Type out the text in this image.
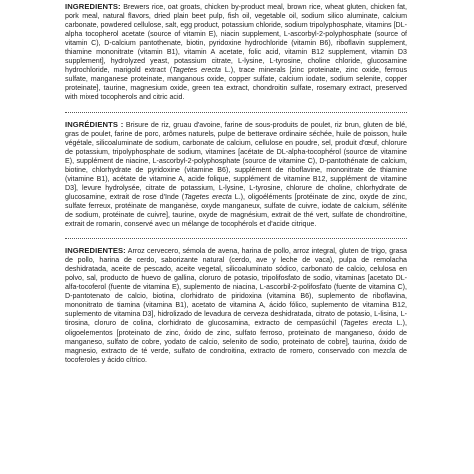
INGREDIENTS: Brewers rice, oat groats, chicken by-product meal, brown rice, wheat gluten, chicken fat, pork meal, natural flavors, dried plain beet pulp, fish oil, vegetable oil, sodium silico aluminate, calcium carbonate, powdered cellulose, salt, egg product, potassium chloride, sodium tripolyphosphate, vitamins [DL-alpha tocopherol acetate (source of vitamin E), niacin supplement, L-ascorbyl-2-polyphosphate (source of vitamin C), D-calcium pantothenate, biotin, pyridoxine hydrochloride (vitamin B6), riboflavin supplement, thiamine mononitrate (vitamin B1), vitamin A acetate, folic acid, vitamin B12 supplement, vitamin D3 supplement], hydrolyzed yeast, potassium citrate, L-lysine, L-tyrosine, choline chloride, glucosamine hydrochloride, marigold extract (Tagetes erecta L.), trace minerals [zinc proteinate, zinc oxide, ferrous sulfate, manganese proteinate, manganous oxide, copper sulfate, calcium iodate, sodium selenite, copper proteinate], taurine, magnesium oxide, green tea extract, chondroitin sulfate, rosemary extract, preserved with mixed tocopherols and citric acid.

INGRÉDIENTS : Brisure de riz, gruau d'avoine, farine de sous-produits de poulet, riz brun, gluten de blé, gras de poulet, farine de porc, arômes naturels, pulpe de betterave ordinaire séchée, huile de poisson, huile végétale, silicoaluminate de sodium, carbonate de calcium, cellulose en poudre, sel, produit d'œuf, chlorure de potassium, tripolyphosphate de sodium, vitamines [acétate de DL-alpha-tocophérol (source de vitamine E), supplément de niacine, L-ascorbyl-2-polyphosphate (source de vitamine C), D-pantothénate de calcium, biotine, chlorhydrate de pyridoxine (vitamine B6), supplément de riboflavine, mononitrate de thiamine (vitamine B1), acétate de vitamine A, acide folique, supplément de vitamine B12, supplément de vitamine D3], levure hydrolysée, citrate de potassium, L-lysine, L-tyrosine, chlorure de choline, chlorhydrate de glucosamine, extrait de rose d'Inde (Tagetes erecta L.), oligoéléments [protéinate de zinc, oxyde de zinc, sulfate ferreux, protéinate de manganèse, oxyde manganeux, sulfate de cuivre, iodate de calcium, sélénite de sodium, protéinate de cuivre], taurine, oxyde de magnésium, extrait de thé vert, sulfate de chondroïtine, extrait de romarin, conservé avec un mélange de tocophérols et d'acide citrique.

INGREDIENTES: Arroz cervecero, sémola de avena, harina de pollo, arroz integral, gluten de trigo, grasa de pollo, harina de cerdo, saborizante natural (cerdo, ave y leche de vaca), pulpa de remolacha deshidratada, aceite de pescado, aceite vegetal, silicoaluminato sódico, carbonato de calcio, celulosa en polvo, sal, producto de huevo de gallina, cloruro de potasio, tripolifosfato de sodio, vitaminas [acetato DL-alfa-tocoferol (fuente de vitamina E), suplemento de niacina, L-ascorbil-2-polifosfato (fuente de vitamina C), D-pantotenato de calcio, biotina, clorhidrato de piridoxina (vitamina B6), suplemento de riboflavina, mononitrato de tiamina (vitamina B1), acetato de vitamina A, ácido fólico, suplemento de vitamina B12, suplemento de vitamina D3], hidrolizado de levadura de cerveza deshidratada, citrato de potasio, L-lisina, L-tirosina, cloruro de colina, clorhidrato de glucosamina, extracto de cempasúchil (Tagetes erecta L.), oligoelementos [proteinato de zinc, óxido de zinc, sulfato ferroso, proteinato de manganeso, óxido de manganeso, sulfato de cobre, yodato de calcio, selenito de sodio, proteinato de cobre], taurina, óxido de magnesio, extracto de té verde, sulfato de condroitina, extracto de romero, conservado con mezcla de tocoferoles y ácido cítrico.
